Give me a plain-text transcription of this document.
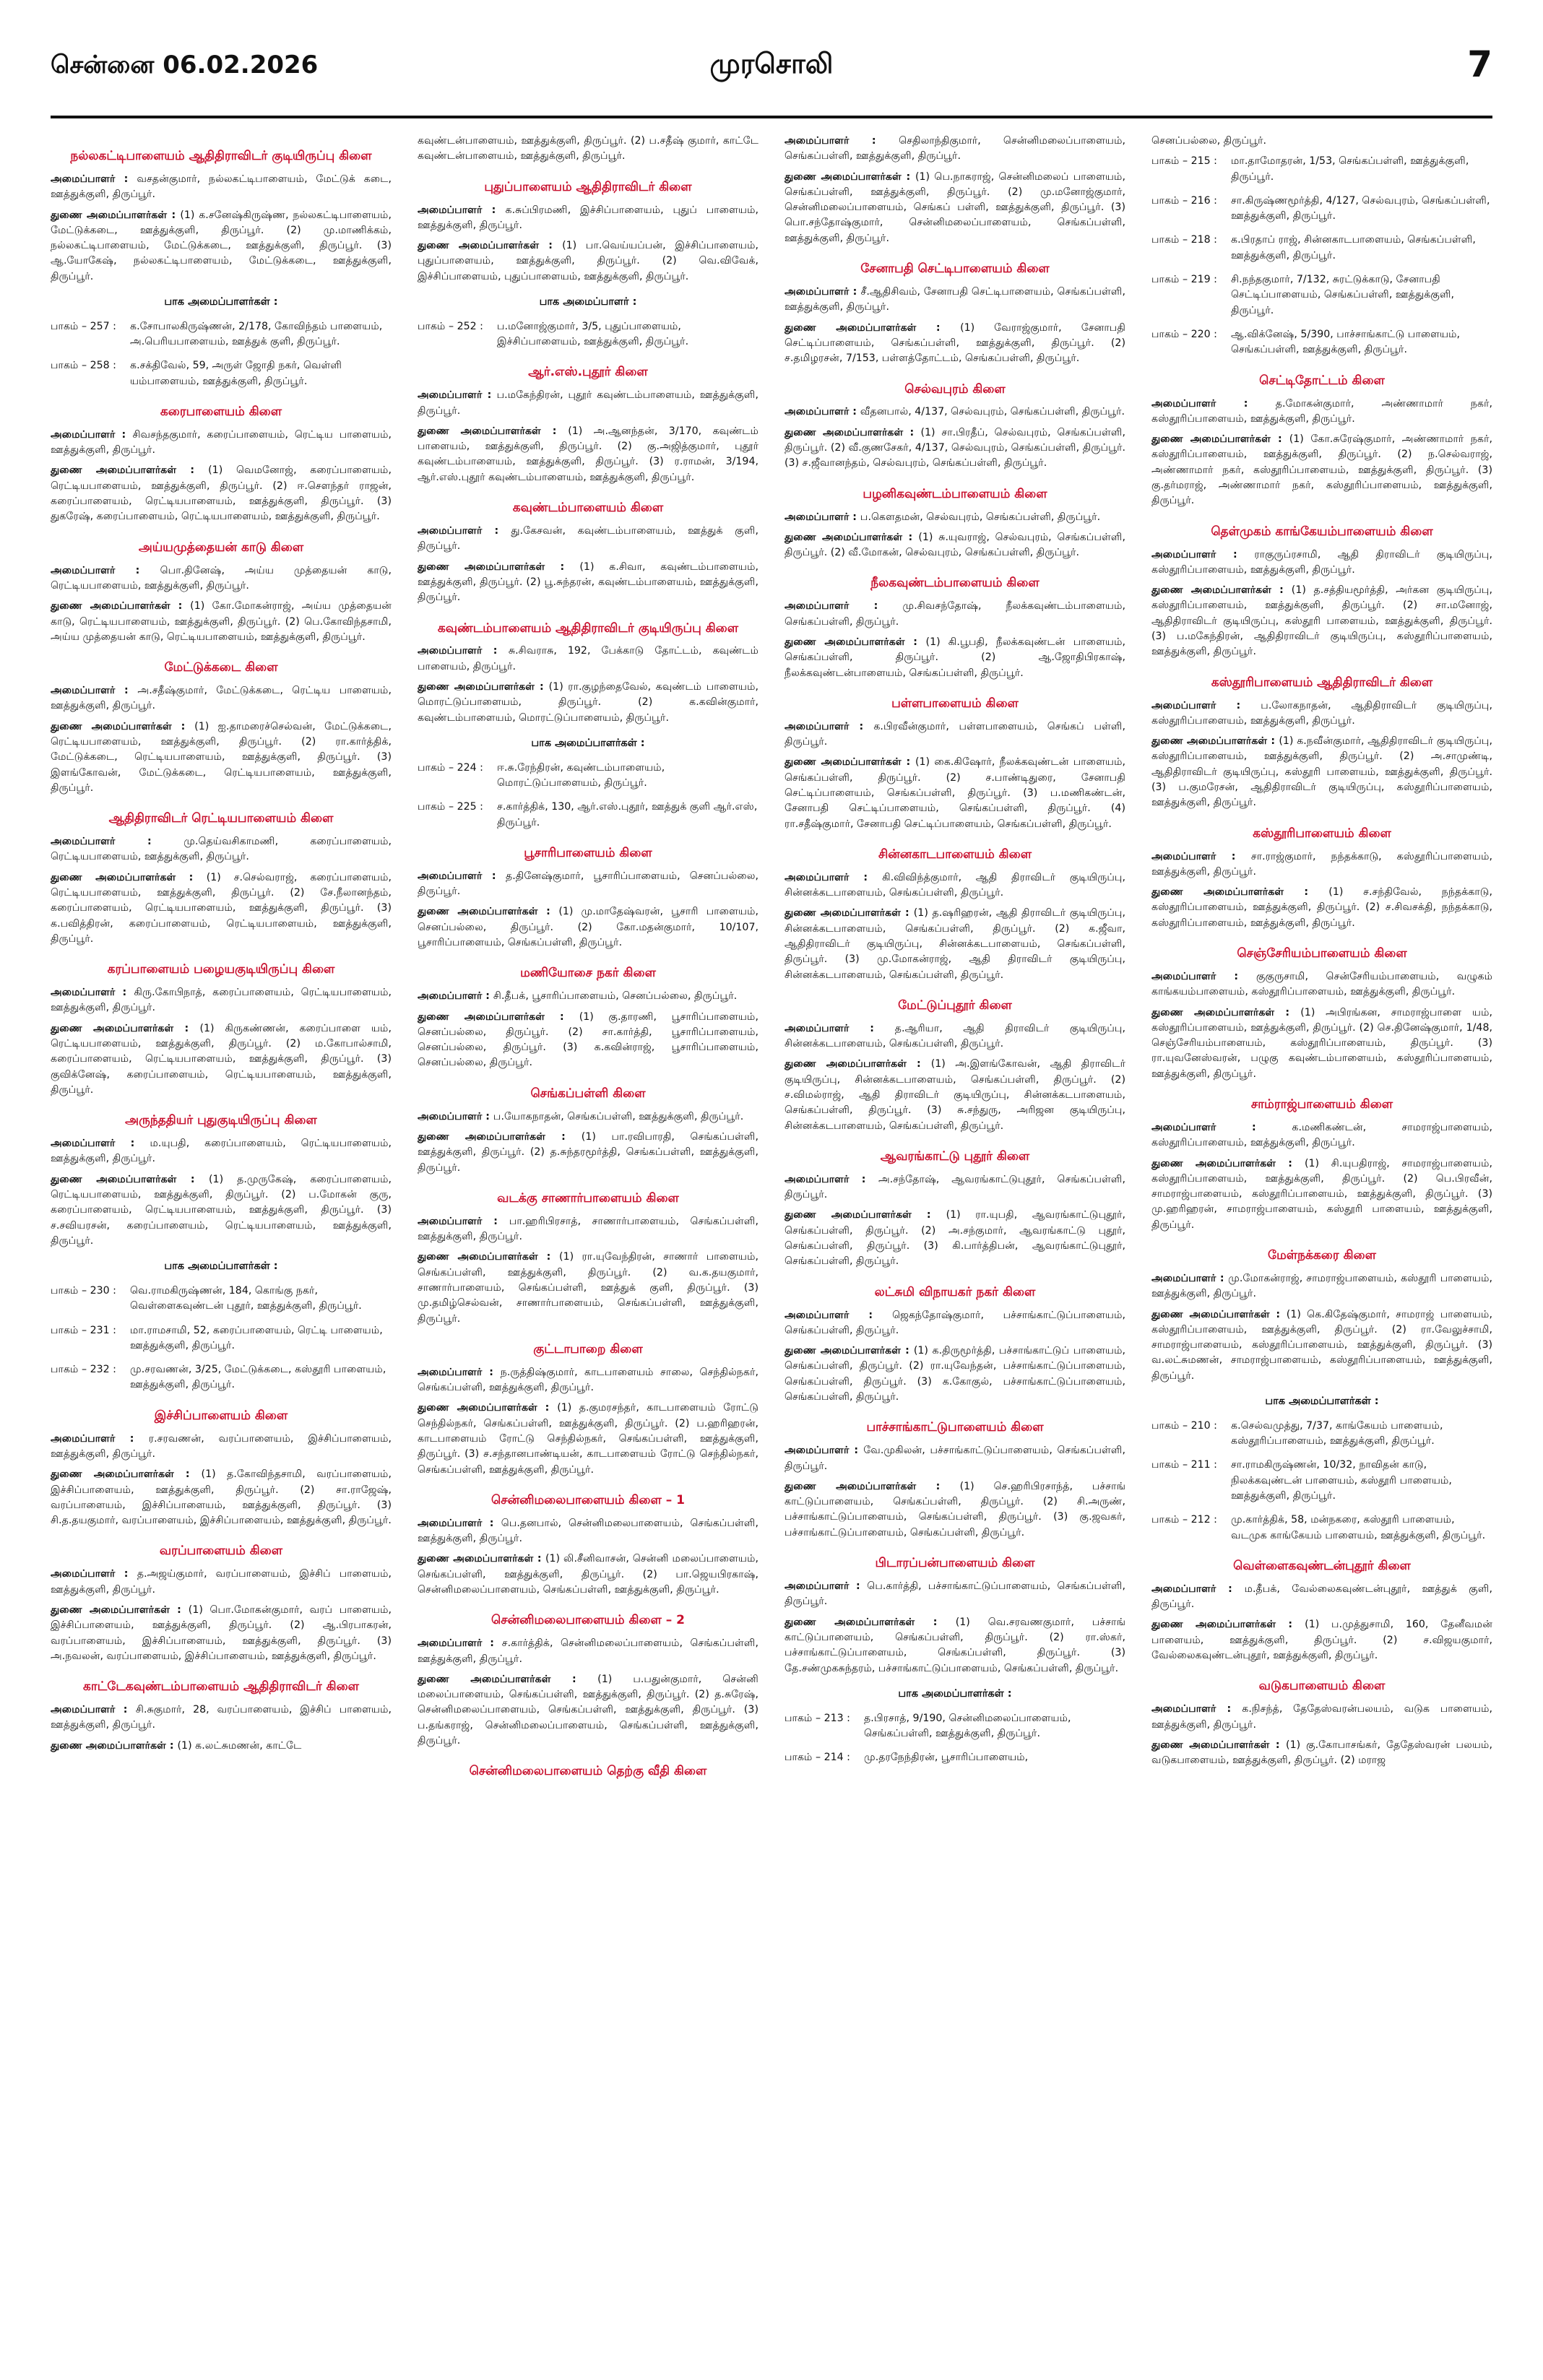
சென்னை 06.02.2026	முரசொலி	7
நல்லகட்டிபாளையம் ஆதிதிராவிடர் குடியிருப்பு கிளை

அமைப்பாளர் : வசதன்குமார், நல்லகட்டிபாளையம், மேட்டுக் கடை, ஊத்துக்குளி, திருப்பூர்.

துணை அமைப்பாளர்கள் : (1) க.சனேஷ்கிருஷ்ண, நல்லகட்டிபாளையம், மேட்டுக்கடை, ஊத்துக்குளி, திருப்பூர். (2) மு.மாணிக்கம், நல்லகட்டிபாளையம், மேட்டுக்கடை, ஊத்துக்குளி, திருப்பூர். (3) ஆ.யோகேஷ், நல்லகட்டிபாளையம், மேட்டுக்கடை, ஊத்துக்குளி, திருப்பூர்.

பாக அமைப்பாளர்கள் :
பாகம் – 257 :	க.சோபாலகிருஷ்ணன், 2/178, கோவிந்தம் பாளையம், அ.பெரியபாளையம், ஊத்துக் குளி, திருப்பூர்.
பாகம் – 258 :	க.சக்திவேல், 59, அருள் ஜோதி நகர், வெள்ளி யம்பாளையம், ஊத்துக்குளி, திருப்பூர்.
கரைபாளையம் கிளை

அமைப்பாளர் : சிவசந்தகுமார், கரைப்பாளையம், ரெட்டிய பாளையம், ஊத்துக்குளி, திருப்பூர்.

துணை அமைப்பாளர்கள் : (1) வெமனோஜ், கரைப்பாளையம், ரெட்டியபாளையம், ஊத்துக்குளி, திருப்பூர். (2) ஈ.சௌந்தர் ராஜன், கரைப்பாளையம், ரெட்டியபாளையம், ஊத்துக்குளி, திருப்பூர். (3) துகரேஷ், கரைப்பாளையம், ரெட்டியபாளையம், ஊத்துக்குளி, திருப்பூர்.

அய்யமுத்தையன் காடு கிளை

அமைப்பாளர் : பொ.தினேஷ், அய்ய முத்தையன் காடு, ரெட்டியபாளையம், ஊத்துக்குளி, திருப்பூர்.

துணை அமைப்பாளர்கள் : (1) கோ.மோகன்ராஜ், அய்ய முத்தையன் காடு, ரெட்டியபாளையம், ஊத்துக்குளி, திருப்பூர். (2) பெ.கோவிந்தசாமி, அய்ய முத்தையன் காடு, ரெட்டியபாளையம், ஊத்துக்குளி, திருப்பூர்.

மேட்டுக்கடை கிளை

அமைப்பாளர் : அ.சதீஷ்குமார், மேட்டுக்கடை, ரெட்டிய பாளையம், ஊத்துக்குளி, திருப்பூர்.

துணை அமைப்பாளர்கள் : (1) ஐ.தாமரைச்செல்வன், மேட்டுக்கடை, ரெட்டியபாளையம், ஊத்துக்குளி, திருப்பூர். (2) ரா.கார்த்திக், மேட்டுக்கடை, ரெட்டியபாளையம், ஊத்துக்குளி, திருப்பூர். (3) இளங்கோவன், மேட்டுக்கடை, ரெட்டியபாளையம், ஊத்துக்குளி, திருப்பூர்.

ஆதிதிராவிடர் ரெட்டியபாளையம் கிளை

அமைப்பாளர் : மு.தெய்வசிகாமணி, கரைப்பாளையம், ரெட்டியபாளையம், ஊத்துக்குளி, திருப்பூர்.

துணை அமைப்பாளர்கள் : (1) ச.செல்வராஜ், கரைப்பாளையம், ரெட்டியபாளையம், ஊத்துக்குளி, திருப்பூர். (2) சே.நீலானந்தம், கரைப்பாளையம், ரெட்டியபாளையம், ஊத்துக்குளி, திருப்பூர். (3) க.பவித்திரன், கரைப்பாளையம், ரெட்டியபாளையம், ஊத்துக்குளி, திருப்பூர்.

கரப்பாளையம் பழையகுடியிருப்பு கிளை

அமைப்பாளர் : கிரு.கோபிநாத், கரைப்பாளையம், ரெட்டியபாளையம், ஊத்துக்குளி, திருப்பூர்.

துணை அமைப்பாளர்கள் : (1) கிருகண்ணன், கரைப்பாளை யம், ரெட்டியபாளையம், ஊத்துக்குளி, திருப்பூர். (2) ம.கோபால்சாமி, கரைப்பாளையம், ரெட்டியபாளையம், ஊத்துக்குளி, திருப்பூர். (3) குவிக்னேஷ், கரைப்பாளையம், ரெட்டியபாளையம், ஊத்துக்குளி, திருப்பூர்.

அருந்ததியர் புதுகுடியிருப்பு கிளை

அமைப்பாளர் : ம.யுபதி, கரைப்பாளையம், ரெட்டியபாளையம், ஊத்துக்குளி, திருப்பூர்.

துணை அமைப்பாளர்கள் : (1) த.முருகேஷ், கரைப்பாளையம், ரெட்டியபாளையம், ஊத்துக்குளி, திருப்பூர். (2) ப.மோகன் குரு, கரைப்பாளையம், ரெட்டியபாளையம், ஊத்துக்குளி, திருப்பூர். (3) ச.சவியரசன், கரைப்பாளையம், ரெட்டியபாளையம், ஊத்துக்குளி, திருப்பூர்.

பாக அமைப்பாளர்கள் :
பாகம் – 230 :	வெ.ராமகிருஷ்ணன், 184, கொங்கு நகர், வெள்ளைகவுண்டன் புதூர், ஊத்துக்குளி, திருப்பூர்.
பாகம் – 231 :	மா.ராமசாமி, 52, கரைப்பாளையம், ரெட்டி பாளையம், ஊத்துக்குளி, திருப்பூர்.
பாகம் – 232 :	மு.சரவணன், 3/25, மேட்டுக்கடை, கஸ்தூரி பாளையம், ஊத்துக்குளி, திருப்பூர்.
இச்சிப்பாளையம் கிளை

அமைப்பாளர் : ர.சரவணன், வரப்பாளையம், இச்சிப்பாளையம், ஊத்துக்குளி, திருப்பூர்.

துணை அமைப்பாளர்கள் : (1) த.கோவிந்தசாமி, வரப்பாளையம், இச்சிப்பாளையம், ஊத்துக்குளி, திருப்பூர். (2) சா.ராஜேஷ், வரப்பாளையம், இச்சிப்பாளையம், ஊத்துக்குளி, திருப்பூர். (3) சி.த.தயகுமார், வரப்பாளையம், இச்சிப்பாளையம், ஊத்துக்குளி, திருப்பூர்.

வரப்பாளையம் கிளை

அமைப்பாளர் : த.அஜய்குமார், வரப்பாளையம், இச்சிப் பாளையம், ஊத்துக்குளி, திருப்பூர்.

துணை அமைப்பாளர்கள் : (1) பொ.மோகன்குமார், வரப் பாளையம், இச்சிப்பாளையம், ஊத்துக்குளி, திருப்பூர். (2) ஆ.பிரபாகரன், வரப்பாளையம், இச்சிப்பாளையம், ஊத்துக்குளி, திருப்பூர். (3) அ.நவலன், வரப்பாளையம், இச்சிப்பாளையம், ஊத்துக்குளி, திருப்பூர்.

காட்டேகவுண்டம்பாளையம் ஆதிதிராவிடர் கிளை

அமைப்பாளர் : சி.சுகுமார், 28, வரப்பாளையம், இச்சிப் பாளையம், ஊத்துக்குளி, திருப்பூர்.

துணை அமைப்பாளர்கள் : (1) க.லட்சுமணன், காட்டே

கவுண்டன்பாளையம், ஊத்துக்குளி, திருப்பூர். (2) ப.சதீஷ் குமார், காட்டே கவுண்டன்பாளையம், ஊத்துக்குளி, திருப்பூர்.

புதுப்பாளையம் ஆதிதிராவிடர் கிளை

அமைப்பாளர் : க.சுப்பிரமணி, இச்சிப்பாளையம், புதுப் பாளையம், ஊத்துக்குளி, திருப்பூர்.

துணை அமைப்பாளர்கள் : (1) பா.வெய்யப்பன், இச்சிப்பாளையம், புதுப்பாளையம், ஊத்துக்குளி, திருப்பூர். (2) வெ.விவேக், இச்சிப்பாளையம், புதுப்பாளையம், ஊத்துக்குளி, திருப்பூர்.

பாக அமைப்பாளர் :
பாகம் – 252 :	ப.மனோஜ்குமார், 3/5, புதுப்பாளையம், இச்சிப்பாளையம், ஊத்துக்குளி, திருப்பூர்.
ஆர்.எஸ்.புதூர் கிளை

அமைப்பாளர் : ப.மகேந்திரன், புதூர் கவுண்டம்பாளையம், ஊத்துக்குளி, திருப்பூர்.

துணை அமைப்பாளர்கள் : (1) அ.ஆனந்தன், 3/170, கவுண்டம் பாளையம், ஊத்துக்குளி, திருப்பூர். (2) கு.அஜித்குமார், புதூர் கவுண்டம்பாளையம், ஊத்துக்குளி, திருப்பூர். (3) ர.ராமன், 3/194, ஆர்.எஸ்.புதூர் கவுண்டம்பாளையம், ஊத்துக்குளி, திருப்பூர்.

கவுண்டம்பாளையம் கிளை

அமைப்பாளர் : து.கேசவன், கவுண்டம்பாளையம், ஊத்துக் குளி, திருப்பூர்.

துணை அமைப்பாளர்கள் : (1) க.சிவா, கவுண்டம்பாளையம், ஊத்துக்குளி, திருப்பூர். (2) பூ.சுந்தரன், கவுண்டம்பாளையம், ஊத்துக்குளி, திருப்பூர்.

கவுண்டம்பாளையம் ஆதிதிராவிடர் குடியிருப்பு கிளை

அமைப்பாளர் : சு.சிவராசு, 192, பேக்காடு தோட்டம், கவுண்டம் பாளையம், திருப்பூர்.

துணை அமைப்பாளர்கள் : (1) ரா.குழந்தைவேல், கவுண்டம் பாளையம், மொரட்டுப்பாளையம், திருப்பூர். (2) க.கவின்குமார், கவுண்டம்பாளையம், மொரட்டுப்பாளையம், திருப்பூர்.

பாக அமைப்பாளர்கள் :
பாகம் – 224 :	ஈ.சு.ரேந்திரன், கவுண்டம்பாளையம், மொரட்டுப்பாளையம், திருப்பூர்.
பாகம் – 225 :	ச.கார்த்திக், 130, ஆர்.எஸ்.புதூர், ஊத்துக் குளி ஆர்.எஸ், திருப்பூர்.
பூசாரிபாளையம் கிளை

அமைப்பாளர் : த.தினேஷ்குமார், பூசாரிப்பாளையம், செனப்பல்லை, திருப்பூர்.

துணை அமைப்பாளர்கள் : (1) மு.மாதேஷ்வரன், பூசாரி பாளையம், செனப்பல்லை, திருப்பூர். (2) கோ.மதன்குமார், 10/107, பூசாரிப்பாளையம், செங்கப்பள்ளி, திருப்பூர்.

மணியோசை நகர் கிளை

அமைப்பாளர் : சி.தீபக், பூசாரிப்பாளையம், செனப்பல்லை, திருப்பூர்.

துணை அமைப்பாளர்கள் : (1) கு.தாரணி, பூசாரிப்பாளையம், செனப்பல்லை, திருப்பூர். (2) சா.கார்த்தி, பூசாரிப்பாளையம், செனப்பல்லை, திருப்பூர். (3) க.கவின்ராஜ், பூசாரிப்பாளையம், செனப்பல்லை, திருப்பூர்.

செங்கப்பள்ளி கிளை

அமைப்பாளர் : ப.யோகநாதன், செங்கப்பள்ளி, ஊத்துக்குளி, திருப்பூர்.

துணை அமைப்பாளர்கள் : (1) பா.ரவிபாரதி, செங்கப்பள்ளி, ஊத்துக்குளி, திருப்பூர். (2) த.சுந்தரமூர்த்தி, செங்கப்பள்ளி, ஊத்துக்குளி, திருப்பூர்.

வடக்கு சாணார்பாளையம் கிளை

அமைப்பாளர் : பா.ஹரிபிரசாத், சாணார்பாளையம், செங்கப்பள்ளி, ஊத்துக்குளி, திருப்பூர்.

துணை அமைப்பாளர்கள் : (1) ரா.யுவேந்திரன், சாணார் பாளையம், செங்கப்பள்ளி, ஊத்துக்குளி, திருப்பூர். (2) வ.க.தயகுமார், சாணார்பாளையம், செங்கப்பள்ளி, ஊத்துக் குளி, திருப்பூர். (3) மு.தமிழ்செல்வன், சாணார்பாளையம், செங்கப்பள்ளி, ஊத்துக்குளி, திருப்பூர்.

குட்டாபாறை கிளை

அமைப்பாளர் : ந.ருத்திஷ்குமார், காடபாளையம் சாலை, செந்தில்நகர், செங்கப்பள்ளி, ஊத்துக்குளி, திருப்பூர்.

துணை அமைப்பாளர்கள் : (1) த.குமரசந்தர், காடபாளையம் ரோட்டு செந்தில்நகர், செங்கப்பள்ளி, ஊத்துக்குளி, திருப்பூர். (2) ப.ஹரிஹரன், காடபாளையம் ரோட்டு செந்தில்நகர், செங்கப்பள்ளி, ஊத்துக்குளி, திருப்பூர். (3) ச.சந்தானபாண்டியன், காடபாளையம் ரோட்டு செந்தில்நகர், செங்கப்பள்ளி, ஊத்துக்குளி, திருப்பூர்.

சென்னிமலைபாளையம் கிளை – 1

அமைப்பாளர் : பெ.தனபால், சென்னிமலைபாளையம், செங்கப்பள்ளி, ஊத்துக்குளி, திருப்பூர்.

துணை அமைப்பாளர்கள் : (1) லி.சீனிவாசன், சென்னி மலைப்பாளையம், செங்கப்பள்ளி, ஊத்துக்குளி, திருப்பூர். (2) பா.ஜெயபிரகாஷ், சென்னிமலைப்பாளையம், செங்கப்பள்ளி, ஊத்துக்குளி, திருப்பூர்.

சென்னிமலைபாளையம் கிளை – 2

அமைப்பாளர் : ச.கார்த்திக், சென்னிமலைப்பாளையம், செங்கப்பள்ளி, ஊத்துக்குளி, திருப்பூர்.

துணை அமைப்பாளர்கள் : (1) ப.பதுன்குமார், சென்னி மலைப்பாளையம், செங்கப்பள்ளி, ஊத்துக்குளி, திருப்பூர். (2) த.சுரேஷ், சென்னிமலைப்பாளையம், செங்கப்பள்ளி, ஊத்துக்குளி, திருப்பூர். (3) ப.தங்கராஜ், சென்னிமலைப்பாளையம், செங்கப்பள்ளி, ஊத்துக்குளி, திருப்பூர்.

சென்னிமலைபாளையம் தெற்கு வீதி கிளை

அமைப்பாளர் : செதிலாந்திகுமார், சென்னிமலைப்பாளையம், செங்கப்பள்ளி, ஊத்துக்குளி, திருப்பூர்.

துணை அமைப்பாளர்கள் : (1) பெ.நாகராஜ், சென்னிமலைப் பாளையம், செங்கப்பள்ளி, ஊத்துக்குளி, திருப்பூர். (2) மு.மனோஜ்குமார், சென்னிமலைப்பாளையம், செங்கப் பள்ளி, ஊத்துக்குளி, திருப்பூர். (3) பொ.சந்தோஷ்குமார், சென்னிமலைப்பாளையம், செங்கப்பள்ளி, ஊத்துக்குளி, திருப்பூர்.

சேனாபதி செட்டிபாளையம் கிளை

அமைப்பாளர் : சீ.ஆதிசிவம், சேனாபதி செட்டிபாளையம், செங்கப்பள்ளி, ஊத்துக்குளி, திருப்பூர்.

துணை அமைப்பாளர்கள் : (1) வேராஜ்குமார், சேனாபதி செட்டிப்பாளையம், செங்கப்பள்ளி, ஊத்துக்குளி, திருப்பூர். (2) ச.தமிழரசன், 7/153, பள்ளத்தோட்டம், செங்கப்பள்ளி, திருப்பூர்.

செல்வபுரம் கிளை

அமைப்பாளர் : வீதனபால், 4/137, செல்வபுரம், செங்கப்பள்ளி, திருப்பூர்.

துணை அமைப்பாளர்கள் : (1) சா.பிரதீப், செல்வபுரம், செங்கப்பள்ளி, திருப்பூர். (2) வீ.குணசேகர், 4/137, செல்வபுரம், செங்கப்பள்ளி, திருப்பூர். (3) ச.ஜீவானந்தம், செல்வபுரம், செங்கப்பள்ளி, திருப்பூர்.

பழனிகவுண்டம்பாளையம் கிளை

அமைப்பாளர் : ப.கௌதமன், செல்வபுரம், செங்கப்பள்ளி, திருப்பூர்.

துணை அமைப்பாளர்கள் : (1) சு.யுவராஜ், செல்வபுரம், செங்கப்பள்ளி, திருப்பூர். (2) வீ.மோகன், செல்வபுரம், செங்கப்பள்ளி, திருப்பூர்.

நீலகவுண்டம்பாளையம் கிளை

அமைப்பாளர் : மு.சிவசந்தோஷ், நீலக்கவுண்டம்பாளையம், செங்கப்பள்ளி, திருப்பூர்.

துணை அமைப்பாளர்கள் : (1) கி.பூபதி, நீலக்கவுண்டன் பாளையம், செங்கப்பள்ளி, திருப்பூர். (2) ஆ.ஜோதிபிரகாஷ், நீலக்கவுண்டன்பாளையம், செங்கப்பள்ளி, திருப்பூர்.

பள்ளபாளையம் கிளை

அமைப்பாளர் : க.பிரவீன்குமார், பள்ளபாளையம், செங்கப் பள்ளி, திருப்பூர்.

துணை அமைப்பாளர்கள் : (1) கை.கிஷோர், நீலக்கவுண்டன் பாளையம், செங்கப்பள்ளி, திருப்பூர். (2) ச.பாண்டிதுரை, சேனாபதி செட்டிப்பாளையம், செங்கப்பள்ளி, திருப்பூர். (3) ப.மணிகண்டன், சேனாபதி செட்டிப்பாளையம், செங்கப்பள்ளி, திருப்பூர். (4) ரா.சதீஷ்குமார், சேனாபதி செட்டிப்பாளையம், செங்கப்பள்ளி, திருப்பூர்.

சின்னகாடபாளையம் கிளை

அமைப்பாளர் : கி.விவிந்த்குமார், ஆதி திராவிடர் குடியிருப்பு, சின்னக்கடபாளையம், செங்கப்பள்ளி, திருப்பூர்.

துணை அமைப்பாளர்கள் : (1) த.ஷரிஹரன், ஆதி திராவிடர் குடியிருப்பு, சின்னக்கடபாளையம், செங்கப்பள்ளி, திருப்பூர். (2) க.ஜீவா, ஆதிதிராவிடர் குடியிருப்பு, சின்னக்கடபாளையம், செங்கப்பள்ளி, திருப்பூர். (3) மு.மோகன்ராஜ், ஆதி திராவிடர் குடியிருப்பு, சின்னக்கடபாளையம், செங்கப்பள்ளி, திருப்பூர்.

மேட்டுப்புதூர் கிளை

அமைப்பாளர் : த.ஆரியா, ஆதி திராவிடர் குடியிருப்பு, சின்னக்கடபாளையம், செங்கப்பள்ளி, திருப்பூர்.

துணை அமைப்பாளர்கள் : (1) அ.இளங்கோவன், ஆதி திராவிடர் குடியிருப்பு, சின்னக்கடபாளையம், செங்கப்பள்ளி, திருப்பூர். (2) ச.விமல்ராஜ், ஆதி திராவிடர் குடியிருப்பு, சின்னக்கடபாளையம், செங்கப்பள்ளி, திருப்பூர். (3) சு.சந்துரு, அரிஜன குடியிருப்பு, சின்னக்கடபாளையம், செங்கப்பள்ளி, திருப்பூர்.

ஆவரங்காட்டு புதூர் கிளை

அமைப்பாளர் : அ.சந்தோஷ், ஆவரங்காட்டுபுதூர், செங்கப்பள்ளி, திருப்பூர்.

துணை அமைப்பாளர்கள் : (1) ரா.யுபதி, ஆவரங்காட்டுபுதூர், செங்கப்பள்ளி, திருப்பூர். (2) அ.சந்குமார், ஆவரங்காட்டு புதூர், செங்கப்பள்ளி, திருப்பூர். (3) கி.பார்த்திபன், ஆவரங்காட்டுபுதூர், செங்கப்பள்ளி, திருப்பூர்.

லட்சுமி விநாயகர் நகர் கிளை

அமைப்பாளர் : ஜெகந்தோஷ்குமார், பச்சாங்காட்டுப்பாளையம், செங்கப்பள்ளி, திருப்பூர்.

துணை அமைப்பாளர்கள் : (1) க.திருமூர்த்தி, பச்சாங்காட்டுப் பாளையம், செங்கப்பள்ளி, திருப்பூர். (2) ரா.யுவேந்தன், பச்சாங்காட்டுப்பாளையம், செங்கப்பள்ளி, திருப்பூர். (3) க.கோகுல், பச்சாங்காட்டுப்பாளையம், செங்கப்பள்ளி, திருப்பூர்.

பாச்சாங்காட்டுபாளையம் கிளை

அமைப்பாளர் : வே.முகிலன், பச்சாங்காட்டுப்பாளையம், செங்கப்பள்ளி, திருப்பூர்.

துணை அமைப்பாளர்கள் : (1) செ.ஹரிபிரசாந்த், பச்சாங் காட்டுப்பாளையம், செங்கப்பள்ளி, திருப்பூர். (2) சி.அருண், பச்சாங்காட்டுப்பாளையம், செங்கப்பள்ளி, திருப்பூர். (3) கு.ஜவகர், பச்சாங்காட்டுப்பாளையம், செங்கப்பள்ளி, திருப்பூர்.

பிடாரப்பன்பாளையம் கிளை

அமைப்பாளர் : பெ.கார்த்தி, பச்சாங்காட்டுப்பாளையம், செங்கப்பள்ளி, திருப்பூர்.

துணை அமைப்பாளர்கள் : (1) வெ.சரவணகுமார், பச்சாங் காட்டுப்பாளையம், செங்கப்பள்ளி, திருப்பூர். (2) ரா.ஸ்கர், பச்சாங்காட்டுப்பாளையம், செங்கப்பள்ளி, திருப்பூர். (3) தே.சண்முகசுந்தரம், பச்சாங்காட்டுப்பாளையம், செங்கப்பள்ளி, திருப்பூர்.

பாக அமைப்பாளர்கள் :
பாகம் – 213 :	த.பிரசாத், 9/190, சென்னிமலைப்பாளையம், செங்கப்பள்ளி, ஊத்துக்குளி, திருப்பூர்.
பாகம் – 214 :	மு.தரநேந்திரன், பூசாரிப்பாளையம்,

செனப்பல்லை, திருப்பூர்.

பாகம் – 215 :	மா.தாமோதரன், 1/53, செங்கப்பள்ளி, ஊத்துக்குளி, திருப்பூர்.
பாகம் – 216 :	சா.கிருஷ்ணமூர்த்தி, 4/127, செல்வபுரம், செங்கப்பள்ளி, ஊத்துக்குளி, திருப்பூர்.
பாகம் – 218 :	க.பிரதாப் ராஜ், சின்னகாடபாளையம், செங்கப்பள்ளி, ஊத்துக்குளி, திருப்பூர்.
பாகம் – 219 :	சி.நந்தகுமார், 7/132, சுரட்டுக்காடு, சேனாபதி செட்டிப்பாளையம், செங்கப்பள்ளி, ஊத்துக்குளி, திருப்பூர்.
பாகம் – 220 :	ஆ.விக்னேஷ், 5/390, பாச்சாங்காட்டு பாளையம், செங்கப்பள்ளி, ஊத்துக்குளி, திருப்பூர்.
செட்டிதோட்டம் கிளை

அமைப்பாளர் : த.மோகன்குமார், அண்ணாமார் நகர், கஸ்தூரிப்பாளையம், ஊத்துக்குளி, திருப்பூர்.

துணை அமைப்பாளர்கள் : (1) கோ.சுரேஷ்குமார், அண்ணாமார் நகர், கஸ்தூரிப்பாளையம், ஊத்துக்குளி, திருப்பூர். (2) ந.செல்வராஜ், அண்ணாமார் நகர், கஸ்தூரிப்பாளையம், ஊத்துக்குளி, திருப்பூர். (3) கு.தர்மராஜ், அண்ணாமார் நகர், கஸ்தூரிப்பாளையம், ஊத்துக்குளி, திருப்பூர்.

தெள்முகம் காங்கேயம்பாளையம் கிளை

அமைப்பாளர் : ராகுருப்ரசாமி, ஆதி திராவிடர் குடியிருப்பு, கஸ்தூரிப்பாளையம், ஊத்துக்குளி, திருப்பூர்.

துணை அமைப்பாளர்கள் : (1) த.சத்தியமூர்த்தி, அர்கன குடியிருப்பு, கஸ்தூரிப்பாளையம், ஊத்துக்குளி, திருப்பூர். (2) சா.மனோஜ், ஆதிதிராவிடர் குடியிருப்பு, கஸ்தூரி பாளையம், ஊத்துக்குளி, திருப்பூர். (3) ப.மகேந்திரன், ஆதிதிராவிடர் குடியிருப்பு, கஸ்தூரிப்பாளையம், ஊத்துக்குளி, திருப்பூர்.

கஸ்தூரிபாளையம் ஆதிதிராவிடர் கிளை

அமைப்பாளர் : ப.லோகநாதன், ஆதிதிராவிடர் குடியிருப்பு, கஸ்தூரிப்பாளையம், ஊத்துக்குளி, திருப்பூர்.

துணை அமைப்பாளர்கள் : (1) க.நவீன்குமார், ஆதிதிராவிடர் குடியிருப்பு, கஸ்தூரிப்பாளையம், ஊத்துக்குளி, திருப்பூர். (2) அ.சாமுண்டி, ஆதிதிராவிடர் குடியிருப்பு, கஸ்தூரி பாளையம், ஊத்துக்குளி, திருப்பூர். (3) ப.குமரேசன், ஆதிதிராவிடர் குடியிருப்பு, கஸ்தூரிப்பாளையம், ஊத்துக்குளி, திருப்பூர்.

கஸ்தூரிபாளையம் கிளை

அமைப்பாளர் : சா.ராஜ்குமார், நந்தக்காடு, கஸ்தூரிப்பாளையம், ஊத்துக்குளி, திருப்பூர்.

துணை அமைப்பாளர்கள் : (1) ச.சந்திவேல், நந்தக்காடு, கஸ்தூரிப்பாளையம், ஊத்துக்குளி, திருப்பூர். (2) ச.சிவசக்தி, நந்தக்காடு, கஸ்தூரிப்பாளையம், ஊத்துக்குளி, திருப்பூர்.

செஞ்சேரியம்பாளையம் கிளை

அமைப்பாளர் : குகுருசாமி, சென்சேரியம்பாளையம், வழுகம் காங்கயம்பாளையம், கஸ்தூரிப்பாளையம், ஊத்துக்குளி, திருப்பூர்.

துணை அமைப்பாளர்கள் : (1) அபிரங்கன, சாமராஜ்பாளை யம், கஸ்தூரிப்பாளையம், ஊத்துக்குளி, திருப்பூர். (2) செ.தினேஷ்குமார், 1/48, செஞ்சேரியம்பாளையம், கஸ்தூரிப்பாளையம், திருப்பூர். (3) ரா.யுவனேஸ்வரன், பழுகு கவுண்டம்பாளையம், கஸ்தூரிப்பாளையம், ஊத்துக்குளி, திருப்பூர்.

சாம்ராஜ்பாளையம் கிளை

அமைப்பாளர் : க.மணிகண்டன், சாமராஜ்பாளையம், கஸ்தூரிப்பாளையம், ஊத்துக்குளி, திருப்பூர்.

துணை அமைப்பாளர்கள் : (1) சி.யுபதிராஜ், சாமராஜ்பாளையம், கஸ்தூரிப்பாளையம், ஊத்துக்குளி, திருப்பூர். (2) பெ.பிரவீன், சாமராஜ்பாளையம், கஸ்தூரிப்பாளையம், ஊத்துக்குளி, திருப்பூர். (3) மு.ஹரிஹரன், சாமராஜ்பாளையம், கஸ்தூரி பாளையம், ஊத்துக்குளி, திருப்பூர்.

மேள்நக்கரை கிளை

அமைப்பாளர் : மு.மோகன்ராஜ், சாமராஜ்பாளையம், கஸ்தூரி பாளையம், ஊத்துக்குளி, திருப்பூர்.

துணை அமைப்பாளர்கள் : (1) கெ.கிதேஷ்குமார், சாமராஜ் பாளையம், கஸ்தூரிப்பாளையம், ஊத்துக்குளி, திருப்பூர். (2) ரா.வேலுச்சாமி, சாமராஜ்பாளையம், கஸ்தூரிப்பாளையம், ஊத்துக்குளி, திருப்பூர். (3) வ.லட்சுமணன், சாமராஜ்பாளையம், கஸ்தூரிப்பாளையம், ஊத்துக்குளி, திருப்பூர்.

பாக அமைப்பாளர்கள் :
பாகம் – 210 :	க.செல்வமுத்து, 7/37, காங்கேயம் பாளையம், கஸ்தூரிப்பாளையம், ஊத்துக்குளி, திருப்பூர்.
பாகம் – 211 :	சா.ராமகிருஷ்ணன், 10/32, நாவிதன் காடு, நிலக்கவுண்டன் பாளையம், கஸ்தூரி பாளையம், ஊத்துக்குளி, திருப்பூர்.
பாகம் – 212 :	மு.கார்த்திக், 58, மன்நகரை, கஸ்தூரி பாளையம், வடமுக காங்கேயம் பாளையம், ஊத்துக்குளி, திருப்பூர்.
வெள்ளைகவுண்டன்புதூர் கிளை

அமைப்பாளர் : ம.தீபக், வேல்லைகவுண்டன்புதூர், ஊத்துக் குளி, திருப்பூர்.

துணை அமைப்பாளர்கள் : (1) ப.முத்துசாமி, 160, தேனீவமன் பாளையம், ஊத்துக்குளி, திருப்பூர். (2) ச.விஜயகுமார், வேல்லைகவுண்டன்புதூர், ஊத்துக்குளி, திருப்பூர்.

வடுகபாளையம் கிளை

அமைப்பாளர் : க.நிசந்த், தேதேஸ்வரன்பலயம், வடுக பாளையம், ஊத்துக்குளி, திருப்பூர்.

துணை அமைப்பாளர்கள் : (1) கு.கோபாசங்கர், தேதேஸ்வரன் பலயம், வடுகபாளையம், ஊத்துக்குளி, திருப்பூர். (2) மராஜ
